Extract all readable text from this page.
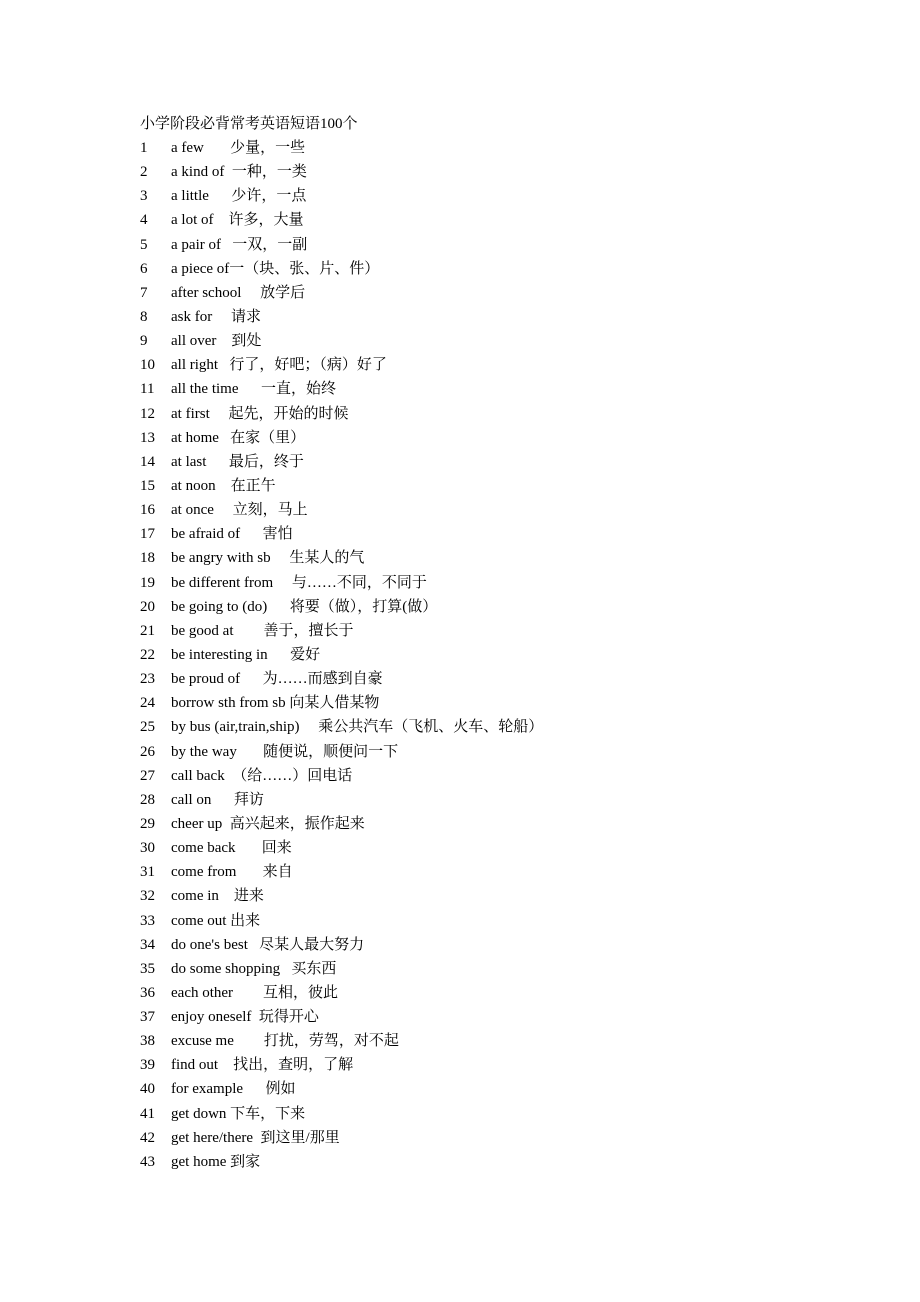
小学阶段必背常考英语短语100个
1 a few       少量，一些
2 a kind of  一种，一类
3 a little      少许，一点
4 a lot of    许多，大量
5 a pair of   一双，一副
6 a piece of一（块、张、片、件）
7 after school     放学后
8 ask for     请求
9 all over    到处
10 all right   行了，好吧；（病）好了
11 all the time      一直，始终
12 at first     起先，开始的时候
13 at home   在家（里）
14 at last      最后，终于
15 at noon    在正午
16 at once     立刻，马上
17 be afraid of      害怕
18 be angry with sb     生某人的气
19 be different from     与……不同，不同于
20 be going to (do)      将要（做），打算(做）
21 be good at        善于，擅长于
22 be interesting in      爱好
23 be proud of      为……而感到自豪
24 borrow sth from sb 向某人借某物
25 by bus (air,train,ship)     乘公共汽车（飞机、火车、轮船）
26 by the way       随便说，顺便问一下
27 call back  （给……）回电话
28 call on      拜访
29 cheer up  高兴起来，振作起来
30 come back       回来
31 come from       来自
32 come in    进来
33 come out 出来
34 do one's best   尽某人最大努力
35 do some shopping   买东西
36 each other        互相，彼此
37 enjoy oneself  玩得开心
38 excuse me        打扰，劳驾，对不起
39 find out    找出，查明，了解
40 for example      例如
41 get down 下车，下来
42 get here/there  到这里/那里
43 get home 到家
